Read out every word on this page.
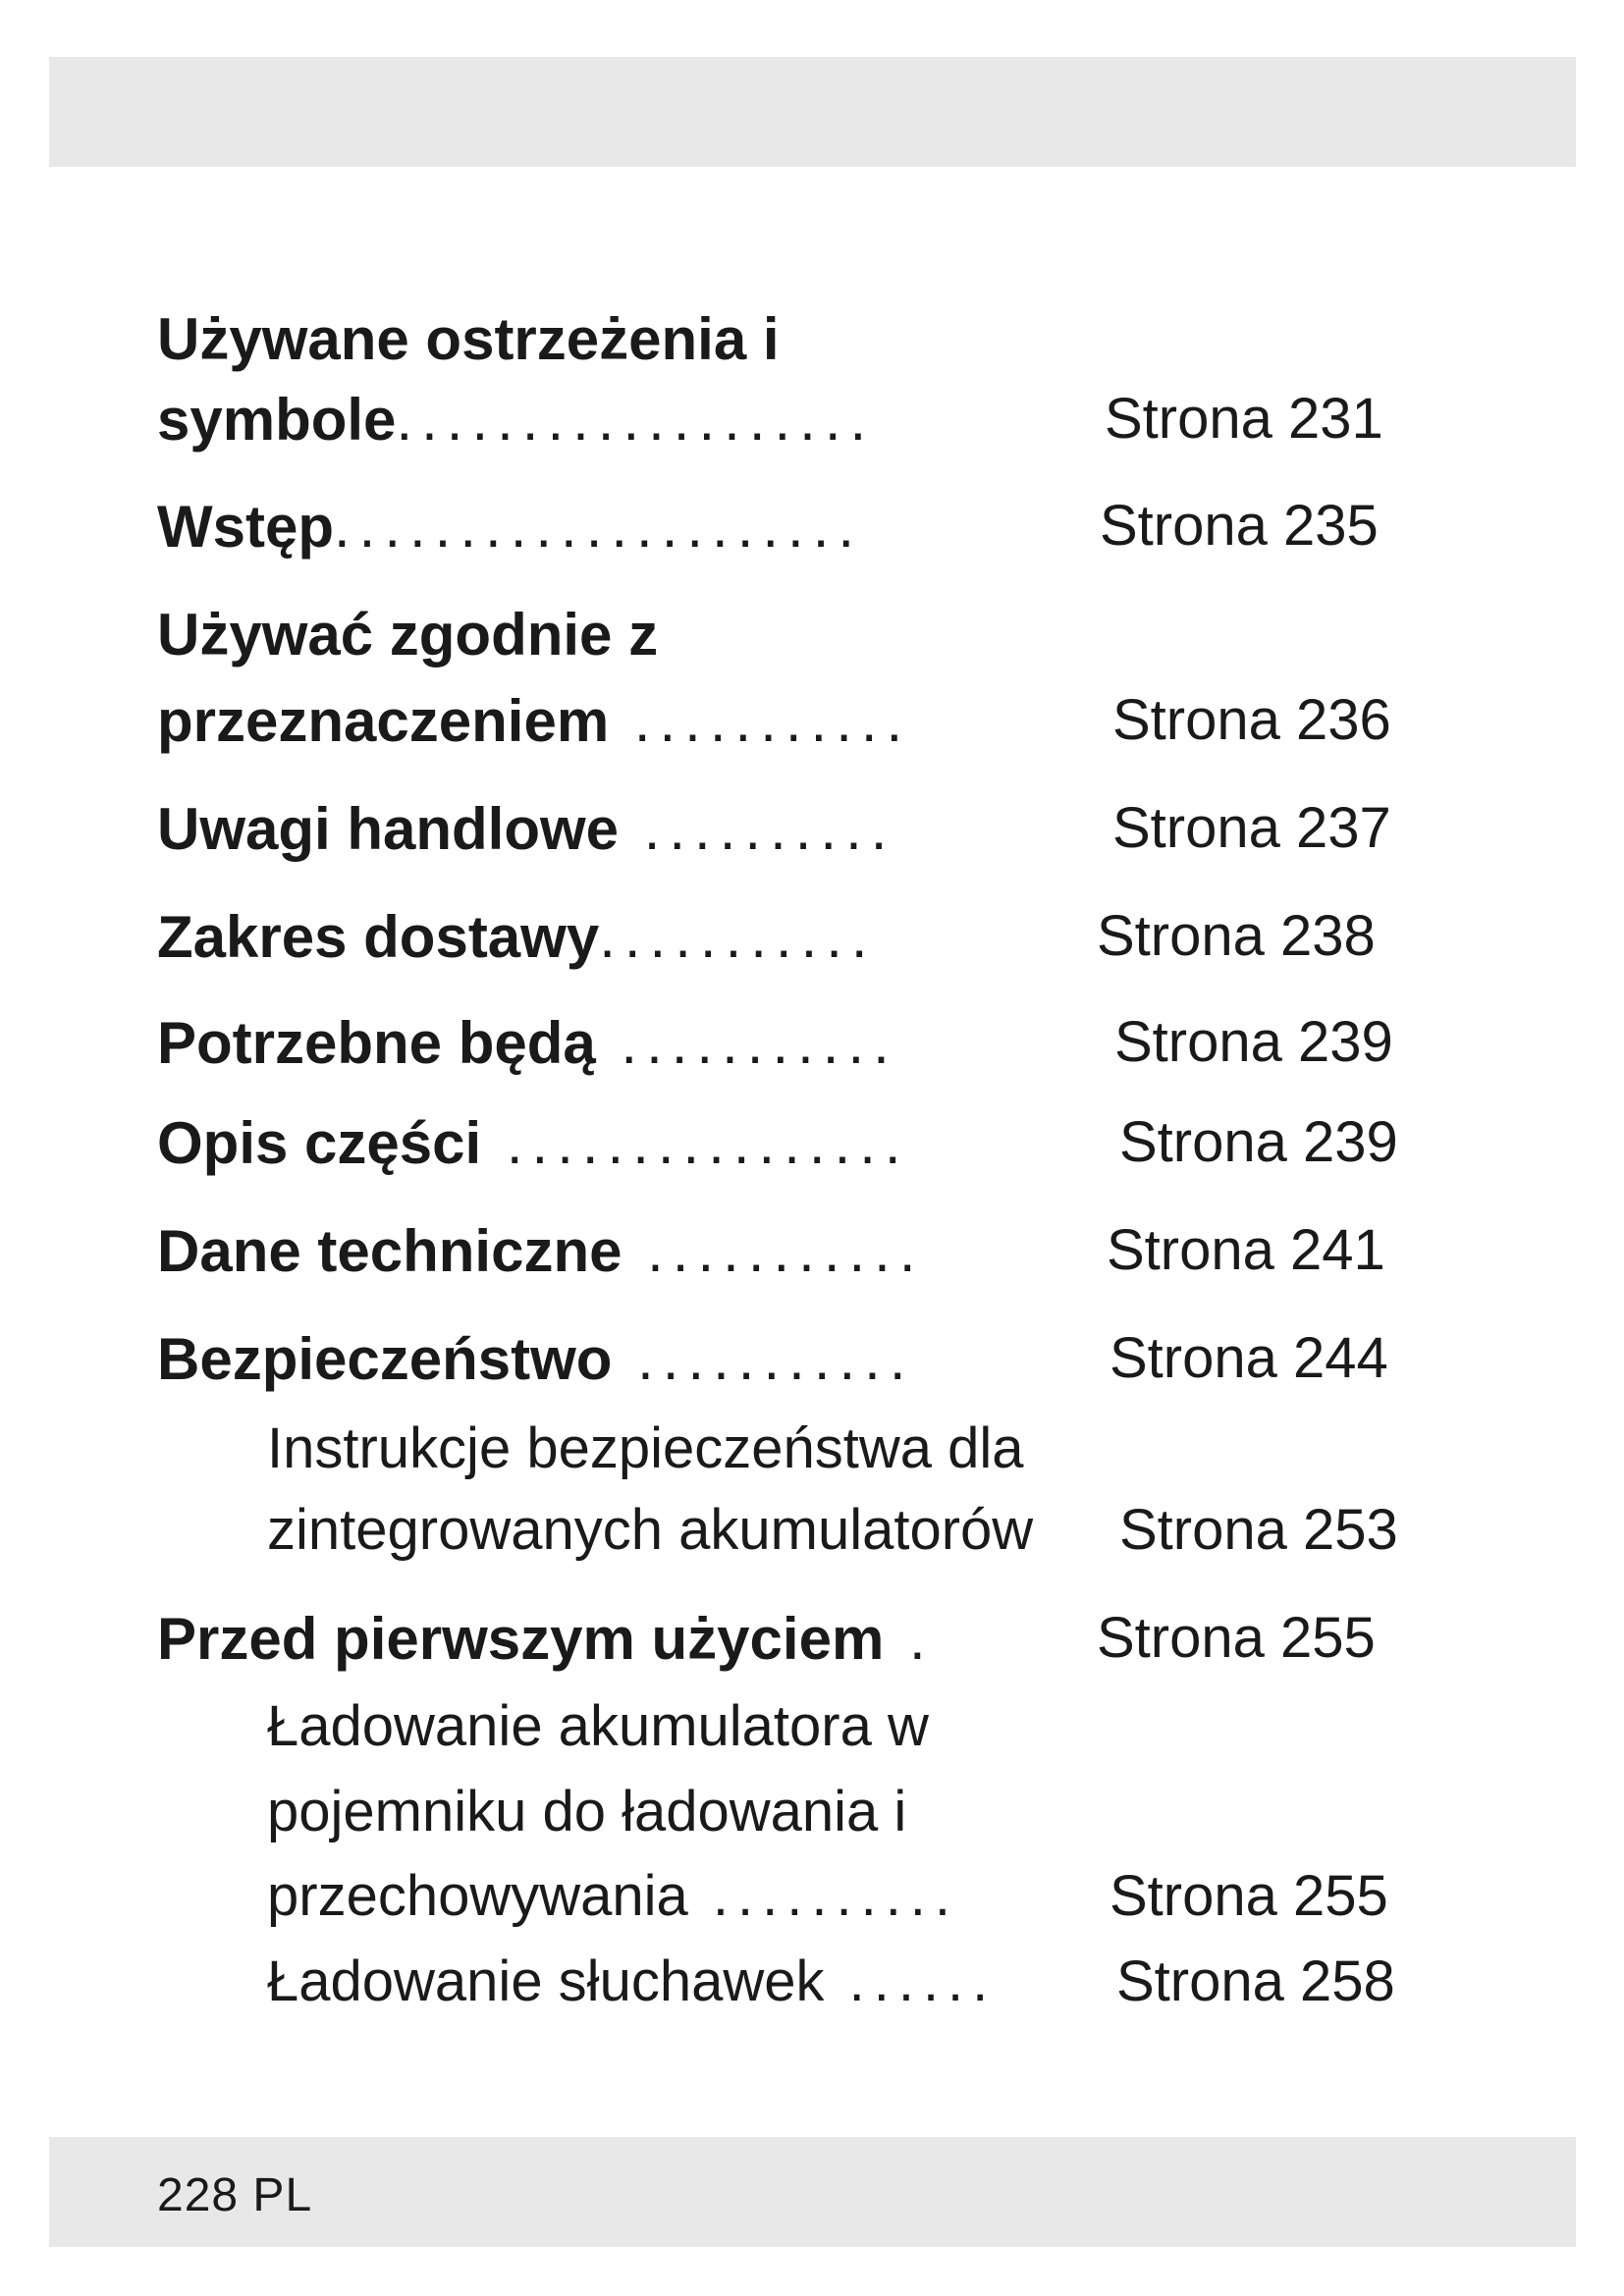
Używane ostrzeżenia i
symbole...................	Strona 231
Wstęp.....................	Strona 235
Używać zgodnie z
przeznaczeniem ...........	Strona 236
Uwagi handlowe ..........	Strona 237
Zakres dostawy...........	Strona 238
Potrzebne będą ...........	Strona 239
Opis części ................	Strona 239
Dane techniczne ...........	Strona 241
Bezpieczeństwo ...........	Strona 244
Instrukcje bezpieczeństwa dla
zintegrowanych akumulatorów Strona 253
Przed pierwszym użyciem .	Strona 255
Ładowanie akumulatora w
pojemniku do ładowania i
przechowywania ..........	Strona 255
Ładowanie słuchawek ...... Strona 258
228 PL
